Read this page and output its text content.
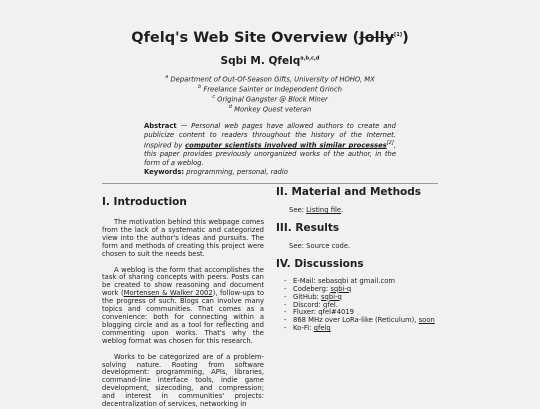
Qfelq's Web Site Overview (Jolly[1])
Sqbi M. Qfelq$^{a,b,c,d}$
$^a$ Department of Out-Of-Season Gifts, University of HOHO, MX
$^b$ Freelance Sainter or Independent Grinch
$^c$ Original Gangster @ Block Miner
$^d$ Monkey Quest veteran
Abstract — Personal web pages have allowed authors to create and publicize content to readers throughout the history of the Internet. Inspired by computer scientists involved with similar processes[2], this paper provides previously unorganized works of the author, in the form of a weblog.
Keywords: programming, personal, radio
I. Introduction

The motivation behind this webpage comes from the lack of a systematic and categorized view into the author's ideas and pursuits. The form and methods of creating this project were chosen to suit the needs best.

A weblog is the form that accomplishes the task of sharing concepts with peers. Posts can be created to show reasoning and document work (Mortensen & Walker 2002), follow-ups to the progress of such. Blogs can involve many topics and communities. That comes as a convenience: both for connecting within a blogging circle and as a tool for reflecting and commenting upon works. That's why the weblog format was chosen for this research.

Works to be categorized are of a problem-solving nature. Rooting from software development: programming, APIs, libraries, command-line interface tools, indie game development, sizecoding, and compression; and interest in communities' projects: decentralization of services, networking in

II. Material and Methods

See: Listing file.

III. Results

See: Source code.

IV. Discussions
- E-Mail: sebasqbi at gmail.com
- Codeberg: sqbi-q
- GitHub: sqbi-q
- Discord: qfel.
- Fluxer: qfel#4019
- 868 MHz over LoRa-like (Reticulum), soon
- Ko-Fi: qfelq
